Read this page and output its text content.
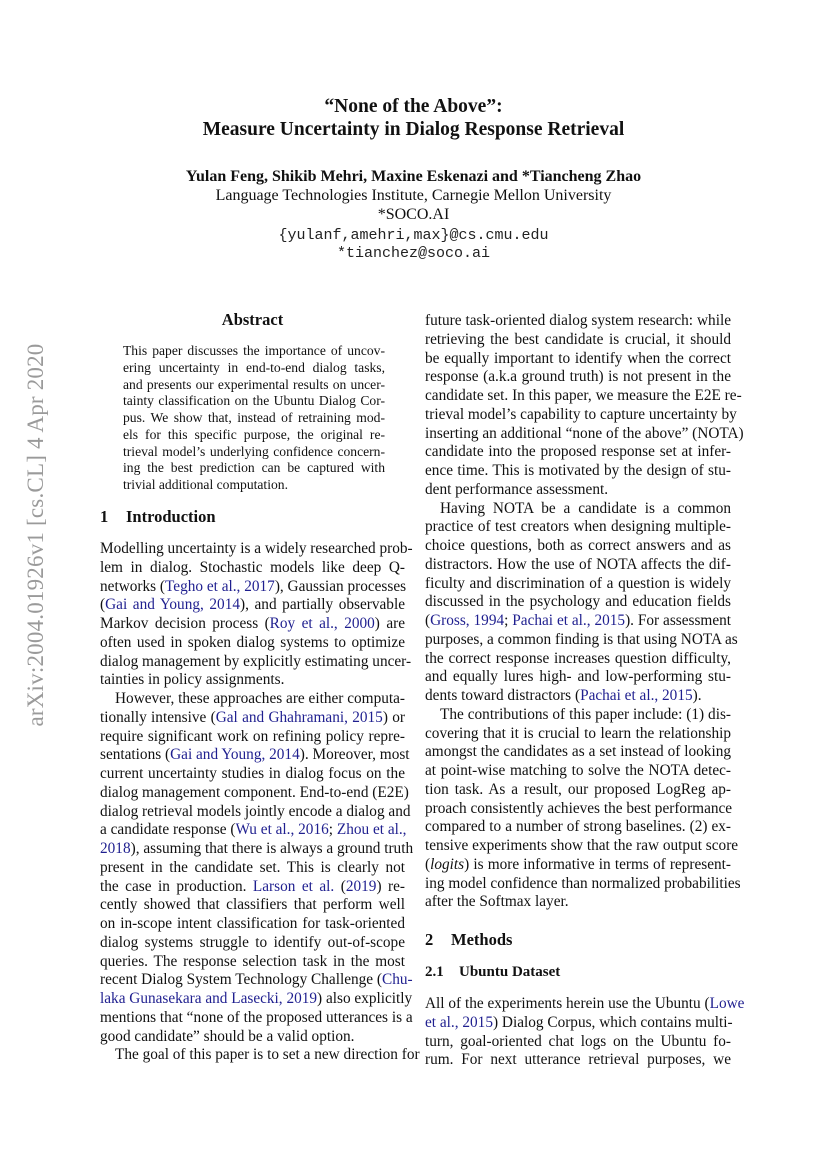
arXiv:2004.01926v1 [cs.CL] 4 Apr 2020
“None of the Above”:
Measure Uncertainty in Dialog Response Retrieval
Yulan Feng, Shikib Mehri, Maxine Eskenazi and *Tiancheng Zhao
Language Technologies Institute, Carnegie Mellon University
*SOCO.AI
{yulanf,amehri,max}@cs.cmu.edu
*tianchez@soco.ai
Abstract
This paper discusses the importance of uncov-
ering uncertainty in end-to-end dialog tasks,
and presents our experimental results on uncer-
tainty classification on the Ubuntu Dialog Cor-
pus. We show that, instead of retraining mod-
els for this specific purpose, the original re-
trieval model’s underlying confidence concern-
ing the best prediction can be captured with
trivial additional computation.
1 Introduction
Modelling uncertainty is a widely researched prob-
lem in dialog. Stochastic models like deep Q-
networks (Tegho et al., 2017), Gaussian processes
(Gai and Young, 2014), and partially observable
Markov decision process (Roy et al., 2000) are
often used in spoken dialog systems to optimize
dialog management by explicitly estimating uncer-
tainties in policy assignments.
However, these approaches are either computa-
tionally intensive (Gal and Ghahramani, 2015) or
require significant work on refining policy repre-
sentations (Gai and Young, 2014). Moreover, most
current uncertainty studies in dialog focus on the
dialog management component. End-to-end (E2E)
dialog retrieval models jointly encode a dialog and
a candidate response (Wu et al., 2016; Zhou et al.,
2018), assuming that there is always a ground truth
present in the candidate set. This is clearly not
the case in production. Larson et al. (2019) re-
cently showed that classifiers that perform well
on in-scope intent classification for task-oriented
dialog systems struggle to identify out-of-scope
queries. The response selection task in the most
recent Dialog System Technology Challenge (Chu-
laka Gunasekara and Lasecki, 2019) also explicitly
mentions that “none of the proposed utterances is a
good candidate” should be a valid option.
The goal of this paper is to set a new direction for
future task-oriented dialog system research: while
retrieving the best candidate is crucial, it should
be equally important to identify when the correct
response (a.k.a ground truth) is not present in the
candidate set. In this paper, we measure the E2E re-
trieval model’s capability to capture uncertainty by
inserting an additional “none of the above” (NOTA)
candidate into the proposed response set at infer-
ence time. This is motivated by the design of stu-
dent performance assessment.
Having NOTA be a candidate is a common
practice of test creators when designing multiple-
choice questions, both as correct answers and as
distractors. How the use of NOTA affects the dif-
ficulty and discrimination of a question is widely
discussed in the psychology and education fields
(Gross, 1994; Pachai et al., 2015). For assessment
purposes, a common finding is that using NOTA as
the correct response increases question difficulty,
and equally lures high- and low-performing stu-
dents toward distractors (Pachai et al., 2015).
The contributions of this paper include: (1) dis-
covering that it is crucial to learn the relationship
amongst the candidates as a set instead of looking
at point-wise matching to solve the NOTA detec-
tion task. As a result, our proposed LogReg ap-
proach consistently achieves the best performance
compared to a number of strong baselines. (2) ex-
tensive experiments show that the raw output score
(logits) is more informative in terms of represent-
ing model confidence than normalized probabilities
after the Softmax layer.
2 Methods
2.1 Ubuntu Dataset
All of the experiments herein use the Ubuntu (Lowe
et al., 2015) Dialog Corpus, which contains multi-
turn, goal-oriented chat logs on the Ubuntu fo-
rum. For next utterance retrieval purposes, we
